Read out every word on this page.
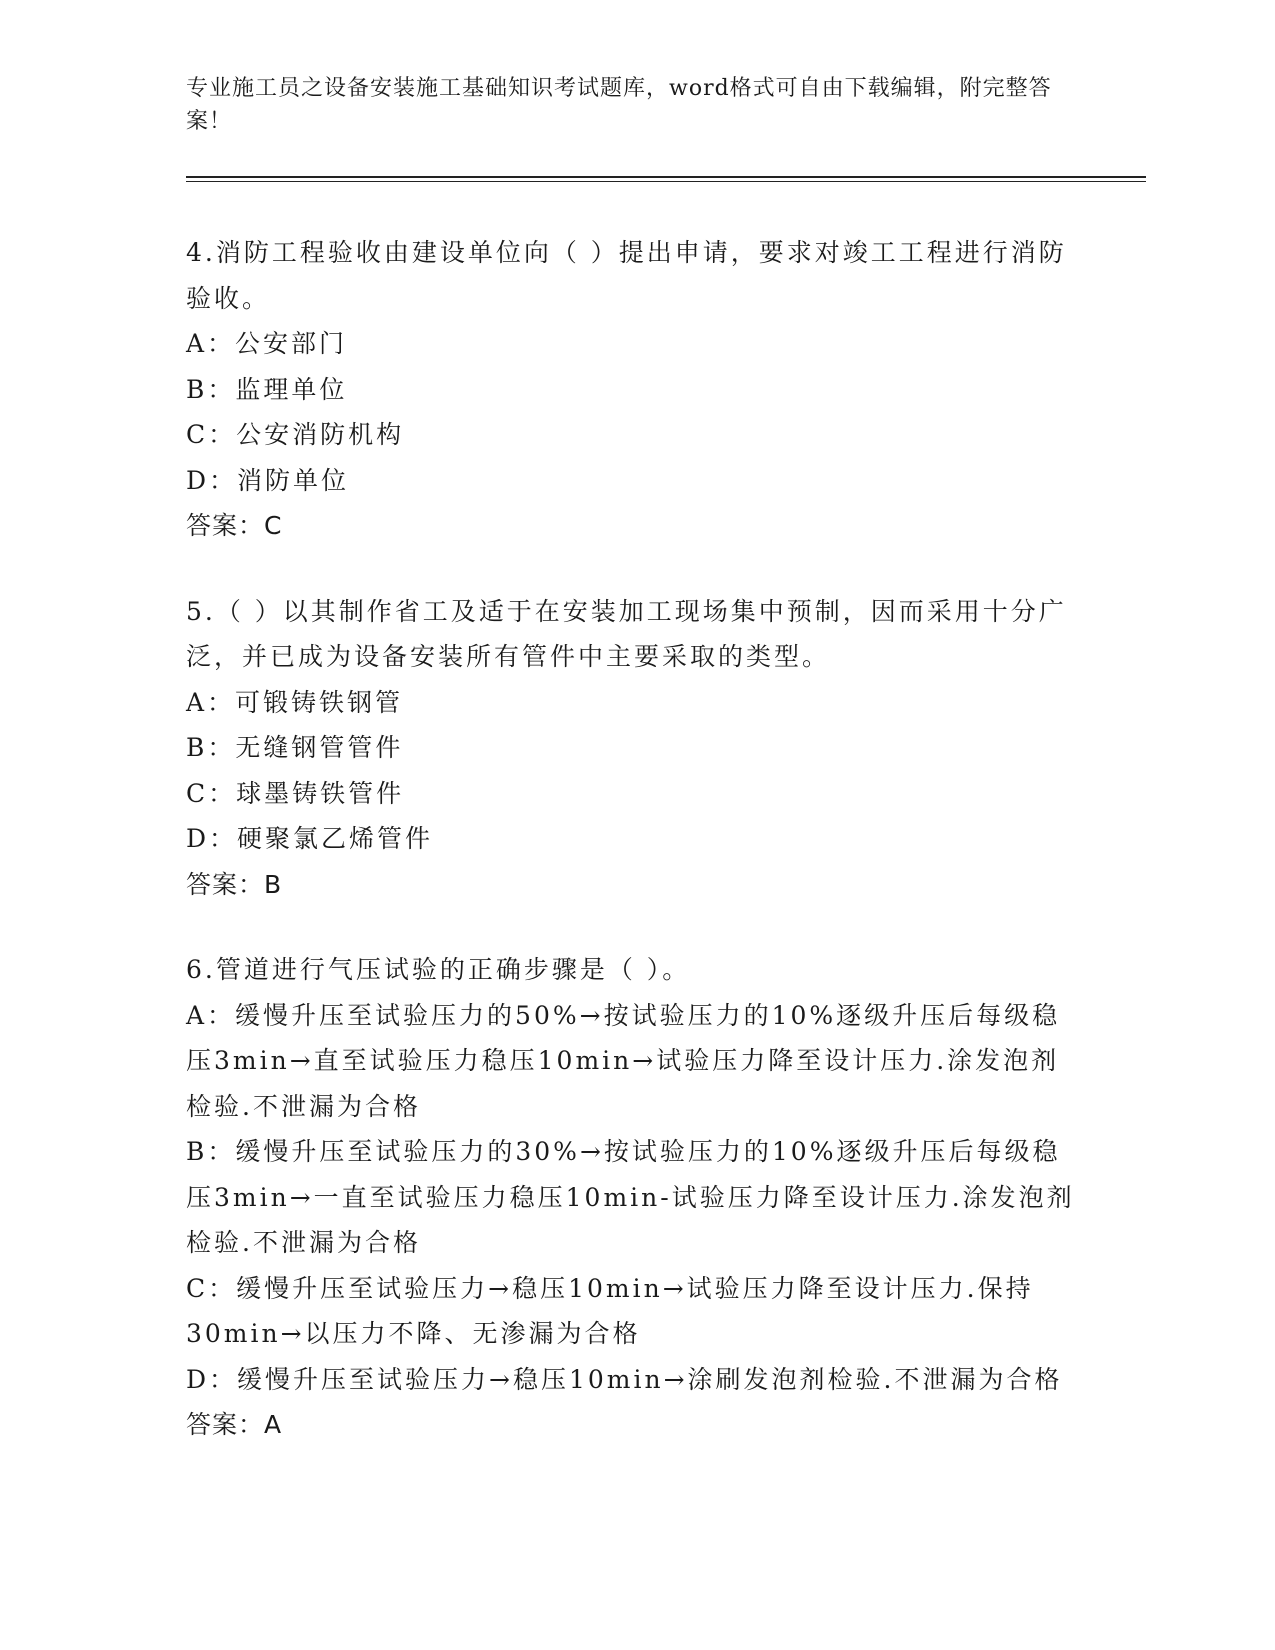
专业施工员之设备安装施工基础知识考试题库，word格式可自由下载编辑，附完整答案！
4.消防工程验收由建设单位向（ ）提出申请，要求对竣工工程进行消防验收。
A：公安部门
B：监理单位
C：公安消防机构
D：消防单位
答案：C
5.（ ）以其制作省工及适于在安装加工现场集中预制，因而采用十分广泛，并已成为设备安装所有管件中主要采取的类型。
A：可锻铸铁钢管
B：无缝钢管管件
C：球墨铸铁管件
D：硬聚氯乙烯管件
答案：B
6.管道进行气压试验的正确步骤是（ ）。
A：缓慢升压至试验压力的50%→按试验压力的10%逐级升压后每级稳压3min→直至试验压力稳压10min→试验压力降至设计压力.涂发泡剂检验.不泄漏为合格
B：缓慢升压至试验压力的30%→按试验压力的10%逐级升压后每级稳压3min→一直至试验压力稳压10min-试验压力降至设计压力.涂发泡剂检验.不泄漏为合格
C：缓慢升压至试验压力→稳压10min→试验压力降至设计压力.保持30min→以压力不降、无渗漏为合格
D：缓慢升压至试验压力→稳压10min→涂刷发泡剂检验.不泄漏为合格
答案：A
